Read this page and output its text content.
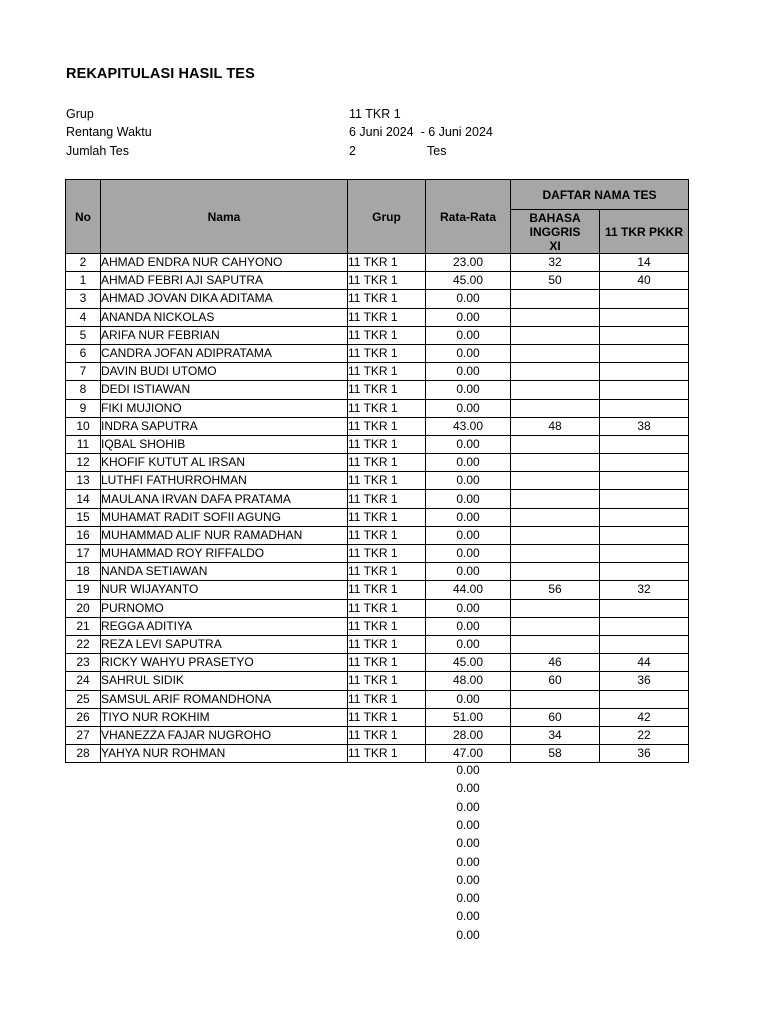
REKAPITULASI HASIL TES
Grup	11 TKR 1
Rentang Waktu	6 Juni 2024  - 6 Juni 2024
Jumlah Tes	2	Tes
No	Nama	Grup	Rata-Rata	DAFTAR NAMA TES	
				BAHASA INGGRIS XI	11 TKR PKKR
2	AHMAD ENDRA NUR CAHYONO	11 TKR 1	23.00	32	14
1	AHMAD FEBRI AJI SAPUTRA	11 TKR 1	45.00	50	40
3	AHMAD JOVAN DIKA ADITAMA	11 TKR 1	0.00		
4	ANANDA NICKOLAS	11 TKR 1	0.00		
5	ARIFA NUR FEBRIAN	11 TKR 1	0.00		
6	CANDRA JOFAN ADIPRATAMA	11 TKR 1	0.00		
7	DAVIN BUDI UTOMO	11 TKR 1	0.00		
8	DEDI ISTIAWAN	11 TKR 1	0.00		
9	FIKI MUJIONO	11 TKR 1	0.00		
10	INDRA SAPUTRA	11 TKR 1	43.00	48	38
11	IQBAL SHOHIB	11 TKR 1	0.00		
12	KHOFIF KUTUT AL IRSAN	11 TKR 1	0.00		
13	LUTHFI FATHURROHMAN	11 TKR 1	0.00		
14	MAULANA IRVAN DAFA PRATAMA	11 TKR 1	0.00		
15	MUHAMAT RADIT SOFII AGUNG	11 TKR 1	0.00		
16	MUHAMMAD ALIF NUR RAMADHAN	11 TKR 1	0.00		
17	MUHAMMAD ROY RIFFALDO	11 TKR 1	0.00		
18	NANDA SETIAWAN	11 TKR 1	0.00		
19	NUR WIJAYANTO	11 TKR 1	44.00	56	32
20	PURNOMO	11 TKR 1	0.00		
21	REGGA ADITIYA	11 TKR 1	0.00		
22	REZA LEVI SAPUTRA	11 TKR 1	0.00		
23	RICKY WAHYU PRASETYO	11 TKR 1	45.00	46	44
24	SAHRUL SIDIK	11 TKR 1	48.00	60	36
25	SAMSUL ARIF ROMANDHONA	11 TKR 1	0.00		
26	TIYO NUR ROKHIM	11 TKR 1	51.00	60	42
27	VHANEZZA FAJAR NUGROHO	11 TKR 1	28.00	34	22
28	YAHYA NUR ROHMAN	11 TKR 1	47.00	58	36
0.00
0.00
0.00
0.00
0.00
0.00
0.00
0.00
0.00
0.00
